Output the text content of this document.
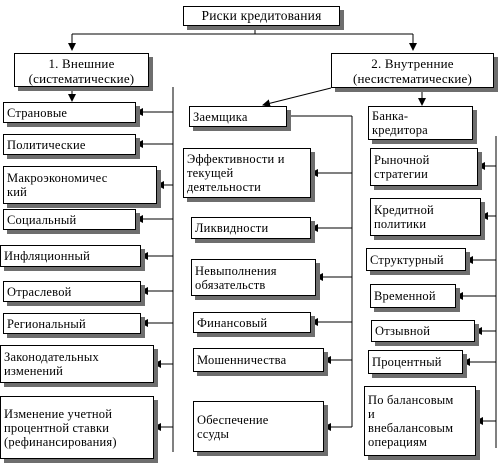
Риски кредитования
1. Внешние
(систематические)
2. Внутренние
(несистематические)
Страновые
Политические
Макроэкономичес
кий
Социальный
Инфляционный
Отраслевой
Региональный
Законодательных
изменений
Изменение учетной
процентной ставки
(рефинансирования)
Заемщика
Эффективности и
текущей
деятельности
Ликвидности
Невыполнения
обязательств
Финансовый
Мошенничества
Обеспечение
ссуды
Банка-
кредитора
Рыночной
стратегии
Кредитной
политики
Структурный
Временной
Отзывной
Процентный
По балансовым
и
внебалансовым
операциям
